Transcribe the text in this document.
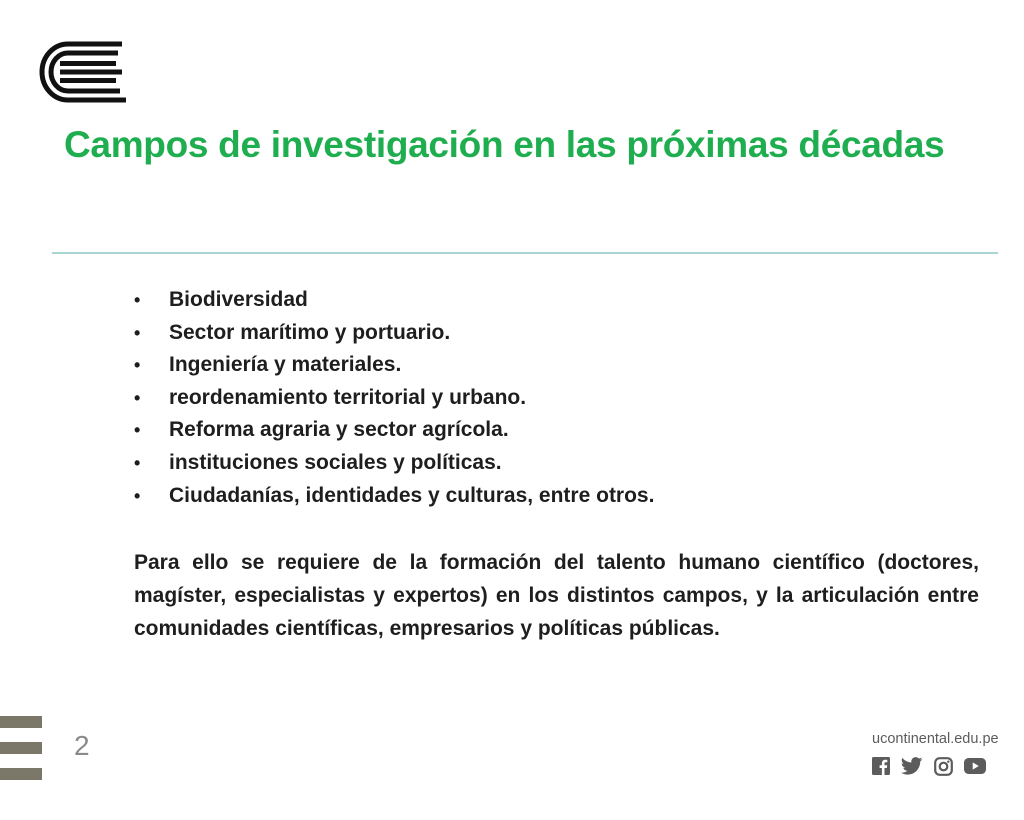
Campos de investigación en las próximas décadas
• Biodiversidad
• Sector marítimo y portuario.
• Ingeniería y materiales.
• reordenamiento territorial y urbano.
• Reforma agraria y sector agrícola.
• instituciones sociales y políticas.
• Ciudadanías, identidades y culturas, entre otros.

Para ello se requiere de la formación del talento humano científico (doctores, magíster, especialistas y expertos) en los distintos campos, y la articulación entre comunidades científicas, empresarios y políticas públicas.

2	ucontinental.edu.pe
